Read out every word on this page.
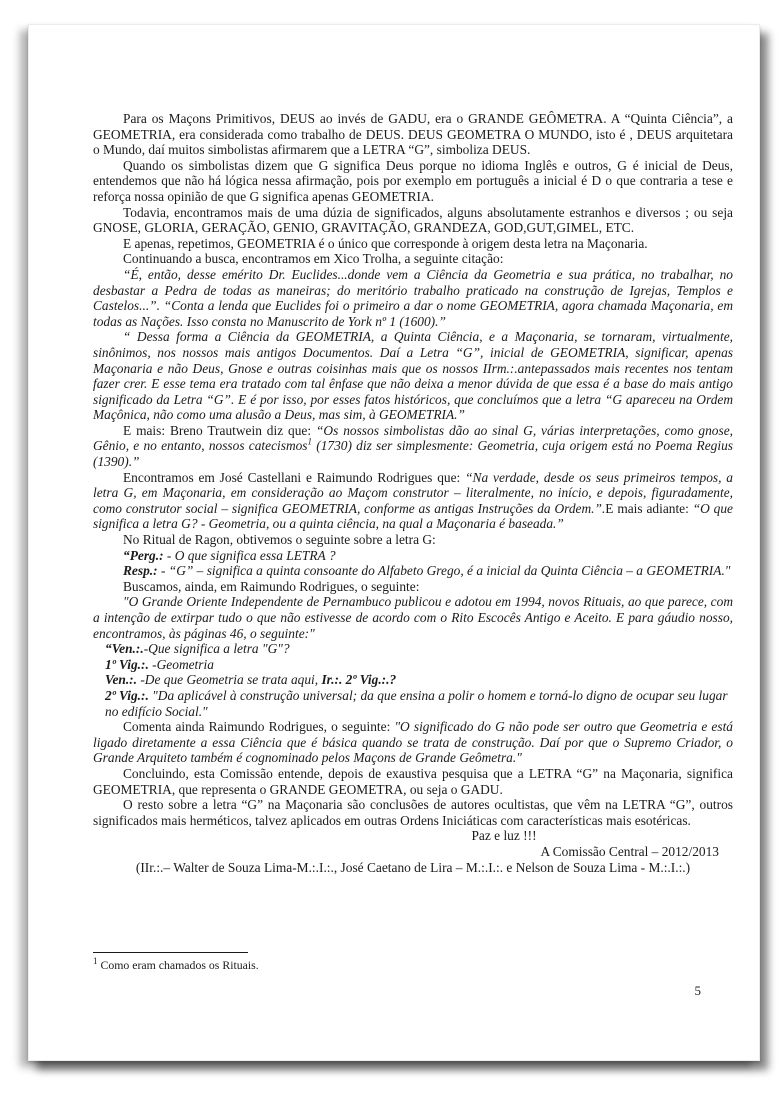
Para os Maçons Primitivos, DEUS ao invés de GADU, era o GRANDE GEÔMETRA. A “Quinta Ciência”, a GEOMETRIA, era considerada como trabalho de DEUS. DEUS GEOMETRA O MUNDO, isto é , DEUS arquitetara o Mundo, daí muitos simbolistas afirmarem que a LETRA “G”, simboliza DEUS.

Quando os simbolistas dizem que G significa Deus porque no idioma Inglês e outros, G é inicial de Deus, entendemos que não há lógica nessa afirmação, pois por exemplo em português a inicial é D o que contraria a tese e reforça nossa opinião de que G significa apenas GEOMETRIA.

Todavia, encontramos mais de uma dúzia de significados, alguns absolutamente estranhos e diversos ; ou seja GNOSE, GLORIA, GERAÇÃO, GENIO, GRAVITAÇÃO, GRANDEZA, GOD,GUT,GIMEL, ETC.

E apenas, repetimos, GEOMETRIA é o único que corresponde à origem desta letra na Maçonaria.

Continuando a busca, encontramos em Xico Trolha, a seguinte citação:

“É, então, desse emérito Dr. Euclides...donde vem a Ciência da Geometria e sua prática, no trabalhar, no desbastar a Pedra de todas as maneiras; do meritório trabalho praticado na construção de Igrejas, Templos e Castelos...”. “Conta a lenda que Euclides foi o primeiro a dar o nome GEOMETRIA, agora chamada Maçonaria, em todas as Nações. Isso consta no Manuscrito de York nº 1 (1600).”

“ Dessa forma a Ciência da GEOMETRIA, a Quinta Ciência, e a Maçonaria, se tornaram, virtualmente, sinônimos, nos nossos mais antigos Documentos. Daí a Letra “G”, inicial de GEOMETRIA, significar, apenas Maçonaria e não Deus, Gnose e outras coisinhas mais que os nossos IIrm.:.antepassados mais recentes nos tentam fazer crer. E esse tema era tratado com tal ênfase que não deixa a menor dúvida de que essa é a base do mais antigo significado da Letra “G”. E é por isso, por esses fatos históricos, que concluímos que a letra “G apareceu na Ordem Maçônica, não como uma alusão a Deus, mas sim, à GEOMETRIA.”

E mais: Breno Trautwein diz que: “Os nossos simbolistas dão ao sinal G, várias interpretações, como gnose, Gênio, e no entanto, nossos catecismos$^1$ (1730) diz ser simplesmente: Geometria, cuja origem está no Poema Regius (1390).”

Encontramos em José Castellani e Raimundo Rodrigues que: “Na verdade, desde os seus primeiros tempos, a letra G, em Maçonaria, em consideração ao Maçom construtor – literalmente, no início, e depois, figuradamente, como construtor social – significa GEOMETRIA, conforme as antigas Instruções da Ordem.”.E mais adiante: “O que significa a letra G? - Geometria, ou a quinta ciência, na qual a Maçonaria é baseada.”

No Ritual de Ragon, obtivemos o seguinte sobre a letra G:

“Perg.: - O que significa essa LETRA ?

Resp.: - “G” – significa a quinta consoante do Alfabeto Grego, é a inicial da Quinta Ciência – a GEOMETRIA."

Buscamos, ainda, em Raimundo Rodrigues, o seguinte:

"O Grande Oriente Independente de Pernambuco publicou e adotou em 1994, novos Rituais, ao que parece, com a intenção de extirpar tudo o que não estivesse de acordo com o Rito Escocês Antigo e Aceito. E para gáudio nosso, encontramos, às páginas 46, o seguinte:"

“Ven.:.-Que significa a letra "G"?

1º Vig.:. -Geometria

Ven.:. -De que Geometria se trata aqui, Ir.:. 2º Vig.:.?

2º Vig.:. "Da aplicável à construção universal; da que ensina a polir o homem e torná-lo digno de ocupar seu lugar no edifício Social."

Comenta ainda Raimundo Rodrigues, o seguinte: "O significado do G não pode ser outro que Geometria e está ligado diretamente a essa Ciência que é básica quando se trata de construção. Daí por que o Supremo Criador, o Grande Arquiteto também é cognominado pelos Maçons de Grande Geômetra."

Concluindo, esta Comissão entende, depois de exaustiva pesquisa que a LETRA “G” na Maçonaria, significa GEOMETRIA, que representa o GRANDE GEOMETRA, ou seja o GADU.

O resto sobre a letra “G” na Maçonaria são conclusões de autores ocultistas, que vêm na LETRA “G”, outros significados mais herméticos, talvez aplicados em outras Ordens Iniciáticas com características mais esotéricas.

Paz e luz !!!

A Comissão Central – 2012/2013

(IIr.:.– Walter de Souza Lima-M.:.I.:., José Caetano de Lira – M.:.I.:. e Nelson de Souza Lima - M.:.I.:.)

$^1$ Como eram chamados os Rituais.
5
